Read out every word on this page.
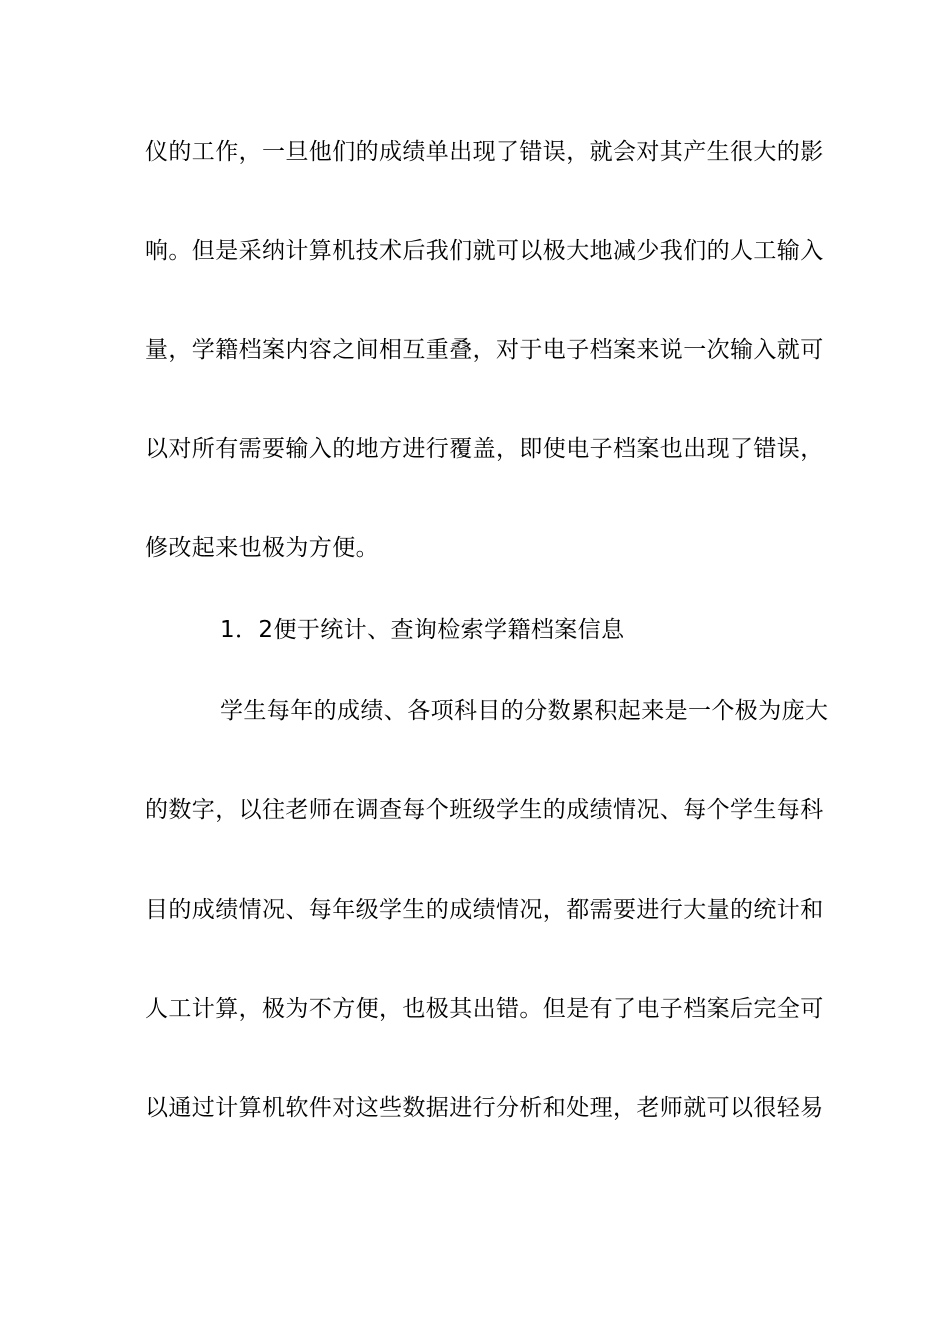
仪的工作，一旦他们的成绩单出现了错误，就会对其产生很大的影
响。但是采纳计算机技术后我们就可以极大地减少我们的人工输入
量，学籍档案内容之间相互重叠，对于电子档案来说一次输入就可
以对所有需要输入的地方进行覆盖，即使电子档案也出现了错误，
修改起来也极为方便。
1．2便于统计、查询检索学籍档案信息
学生每年的成绩、各项科目的分数累积起来是一个极为庞大
的数字，以往老师在调查每个班级学生的成绩情况、每个学生每科
目的成绩情况、每年级学生的成绩情况，都需要进行大量的统计和
人工计算，极为不方便，也极其出错。但是有了电子档案后完全可
以通过计算机软件对这些数据进行分析和处理，老师就可以很轻易
